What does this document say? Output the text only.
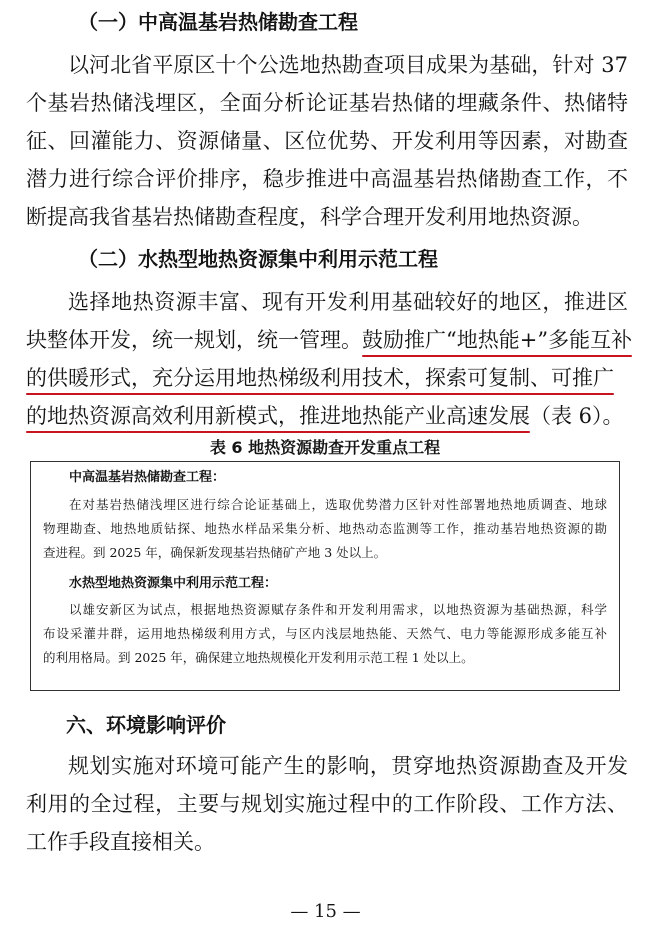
（一）中高温基岩热储勘查工程
以河北省平原区十个公选地热勘查项目成果为基础，针对 37
个基岩热储浅埋区，全面分析论证基岩热储的埋藏条件、热储特
征、回灌能力、资源储量、区位优势、开发利用等因素，对勘查
潜力进行综合评价排序，稳步推进中高温基岩热储勘查工作，不
断提高我省基岩热储勘查程度，科学合理开发利用地热资源。
（二）水热型地热资源集中利用示范工程
选择地热资源丰富、现有开发利用基础较好的地区，推进区
块整体开发，统一规划，统一管理。鼓励推广“地热能+”多能互补
的供暖形式，充分运用地热梯级利用技术，探索可复制、可推广
的地热资源高效利用新模式，推进地热能产业高速发展（表 6）。
表 6 地热资源勘查开发重点工程
中高温基岩热储勘查工程：
在对基岩热储浅埋区进行综合论证基础上，选取优势潜力区针对性部署地热地质调查、地球
物理勘查、地热地质钻探、地热水样品采集分析、地热动态监测等工作，推动基岩地热资源的勘
查进程。到 2025 年，确保新发现基岩热储矿产地 3 处以上。
水热型地热资源集中利用示范工程：
以雄安新区为试点，根据地热资源赋存条件和开发利用需求，以地热资源为基础热源，科学
布设采灌井群，运用地热梯级利用方式，与区内浅层地热能、天然气、电力等能源形成多能互补
的利用格局。到 2025 年，确保建立地热规模化开发利用示范工程 1 处以上。
六、环境影响评价
规划实施对环境可能产生的影响，贯穿地热资源勘查及开发
利用的全过程，主要与规划实施过程中的工作阶段、工作方法、
工作手段直接相关。
— 15 —
